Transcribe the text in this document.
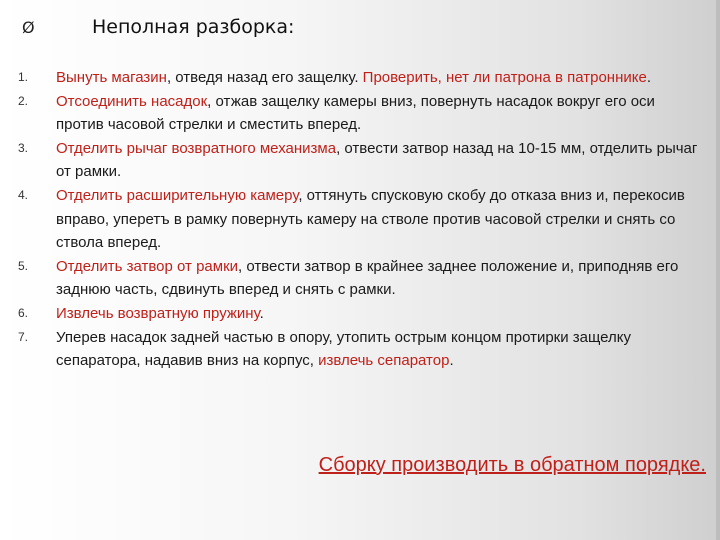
Ø	Неполная разборка:
1. Вынуть магазин, отведя назад его защелку. Проверить, нет ли патрона в патроннике.
2. Отсоединить насадок, отжав защелку камеры вниз, повернуть насадок вокруг его оси против часовой стрелки и сместить вперед.
3. Отделить рычаг возвратного механизма, отвести затвор назад на 10-15 мм, отделить рычаг от рамки.
4. Отделить расширительную камеру, оттянуть спусковую скобу до отказа вниз и, перекосив вправо, уперетъ в рамку повернуть камеру на стволе против часовой стрелки и снять со ствола вперед.
5. Отделить затвор от рамки, отвести затвор в крайнее заднее положение и, приподняв его заднюю часть, сдвинуть вперед и снять с рамки.
6. Извлечь возвратную пружину.
7. Уперев насадок задней частью в опору, утопить острым концом протирки защелку сепаратора, надавив вниз на корпус, извлечь сепаратор.
Сборку производить в обратном порядке.
